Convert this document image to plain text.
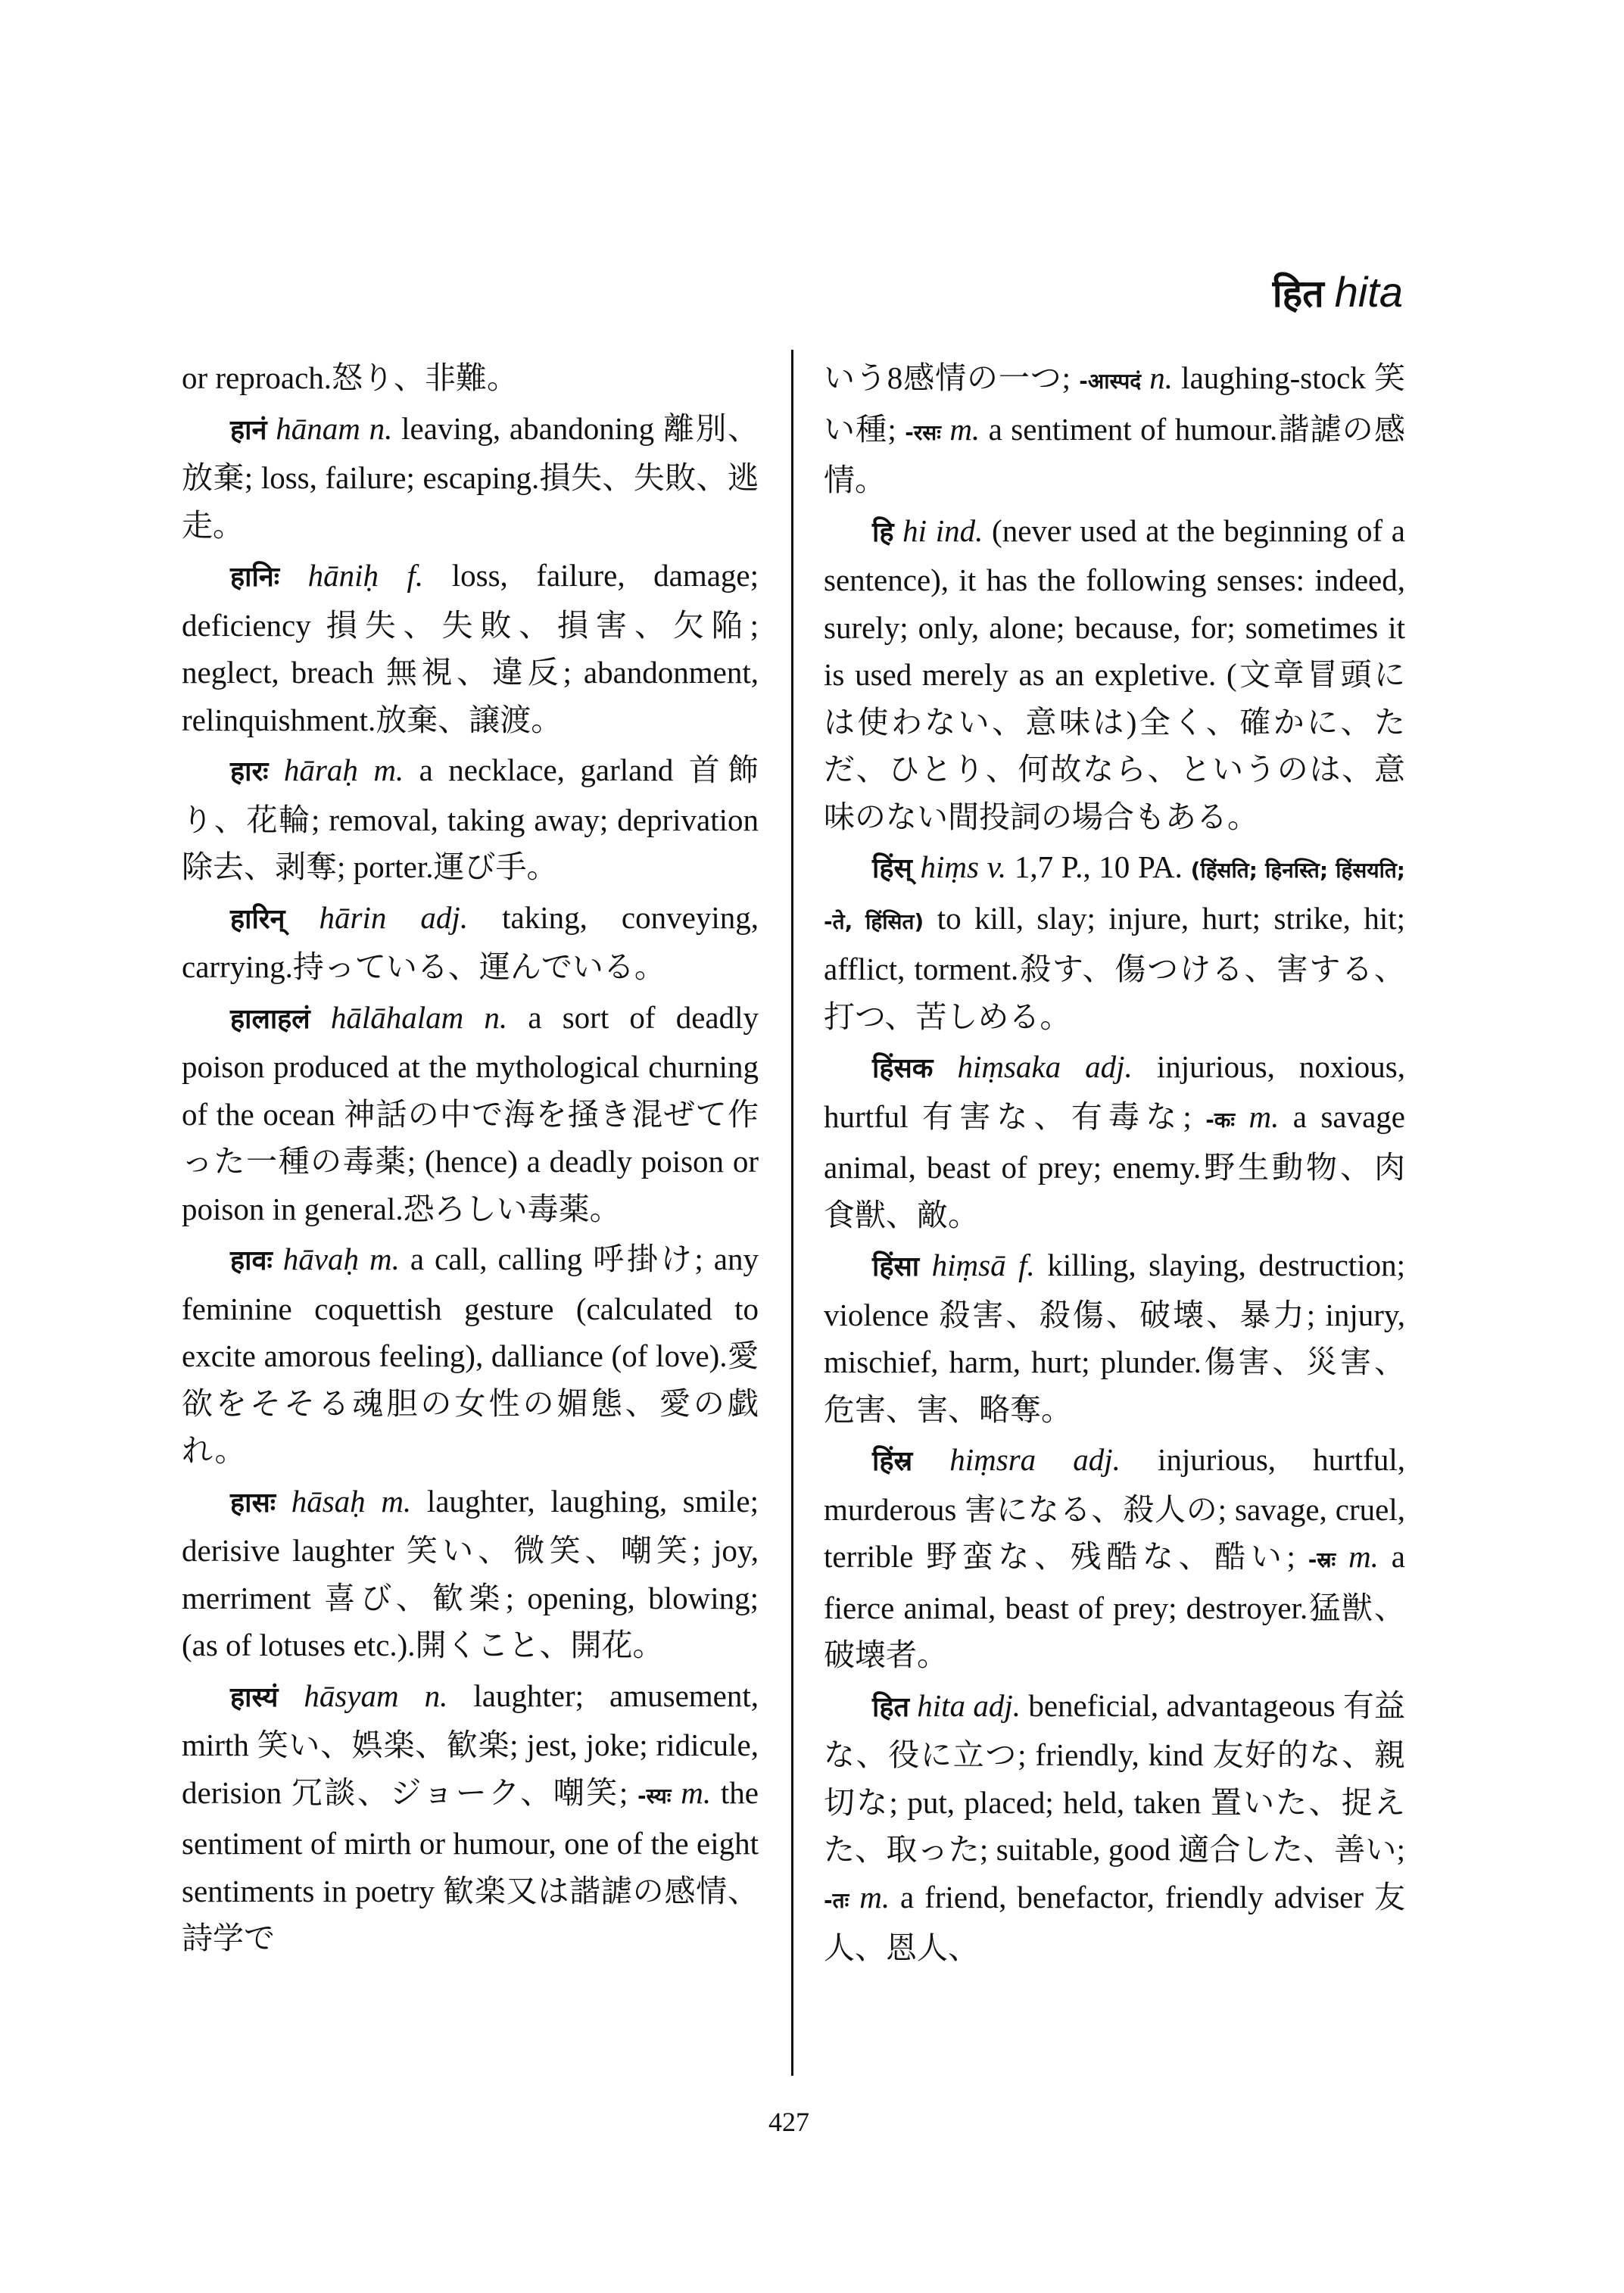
हित hita

or reproach.怒り、非難。

हानं hānam n. leaving, abandoning 離別、放棄; loss, failure; escaping.損失、失敗、逃走。

हानिः hāniḥ f. loss, failure, damage; deficiency 損失、失敗、損害、欠陥; neglect, breach 無視、違反; abandonment, relinquishment.放棄、譲渡。

हारः hāraḥ m. a necklace, garland 首飾り、花輪; removal, taking away; deprivation 除去、剥奪; porter.運び手。

हारिन् hārin adj. taking, conveying, carrying.持っている、運んでいる。

हालाहलं hālāhalam n. a sort of deadly poison produced at the mythological churning of the ocean 神話の中で海を掻き混ぜて作った一種の毒薬; (hence) a deadly poison or poison in general.恐ろしい毒薬。

हावः hāvaḥ m. a call, calling 呼掛け; any feminine coquettish gesture (calculated to excite amorous feeling), dalliance (of love).愛欲をそそる魂胆の女性の媚態、愛の戯れ。

हासः hāsaḥ m. laughter, laughing, smile; derisive laughter 笑い、微笑、嘲笑; joy, merriment 喜び、歓楽; opening, blowing; (as of lotuses etc.).開くこと、開花。

हास्यं hāsyam n. laughter; amusement, mirth 笑い、娯楽、歓楽; jest, joke; ridicule, derision 冗談、ジョーク、嘲笑; -स्यः m. the sentiment of mirth or humour, one of the eight sentiments in poetry 歓楽又は諧謔の感情、詩学で

いう8感情の一つ; -आस्पदं n. laughing-stock 笑い種; -रसः m. a sentiment of humour.諧謔の感情。

हि hi ind. (never used at the beginning of a sentence), it has the following senses: indeed, surely; only, alone; because, for; sometimes it is used merely as an expletive. (文章冒頭には使わない、意味は)全く、確かに、ただ、ひとり、何故なら、というのは、意味のない間投詞の場合もある。

हिंस् hiṃs v. 1,7 P., 10 PA. (हिंसति; हिनस्ति; हिंसयति; -ते, हिंसित) to kill, slay; injure, hurt; strike, hit; afflict, torment.殺す、傷つける、害する、打つ、苦しめる。

हिंसक hiṃsaka adj. injurious, noxious, hurtful 有害な、有毒な; -कः m. a savage animal, beast of prey; enemy.野生動物、肉食獣、敵。

हिंसा hiṃsā f. killing, slaying, destruction; violence 殺害、殺傷、破壊、暴力; injury, mischief, harm, hurt; plunder.傷害、災害、危害、害、略奪。

हिंस्र hiṃsra adj. injurious, hurtful, murderous 害になる、殺人の; savage, cruel, terrible 野蛮な、残酷な、酷い; -स्रः m. a fierce animal, beast of prey; destroyer.猛獣、破壊者。

हित hita adj. beneficial, advantageous 有益な、役に立つ; friendly, kind 友好的な、親切な; put, placed; held, taken 置いた、捉えた、取った; suitable, good 適合した、善い; -तः m. a friend, benefactor, friendly adviser 友人、恩人、

427
